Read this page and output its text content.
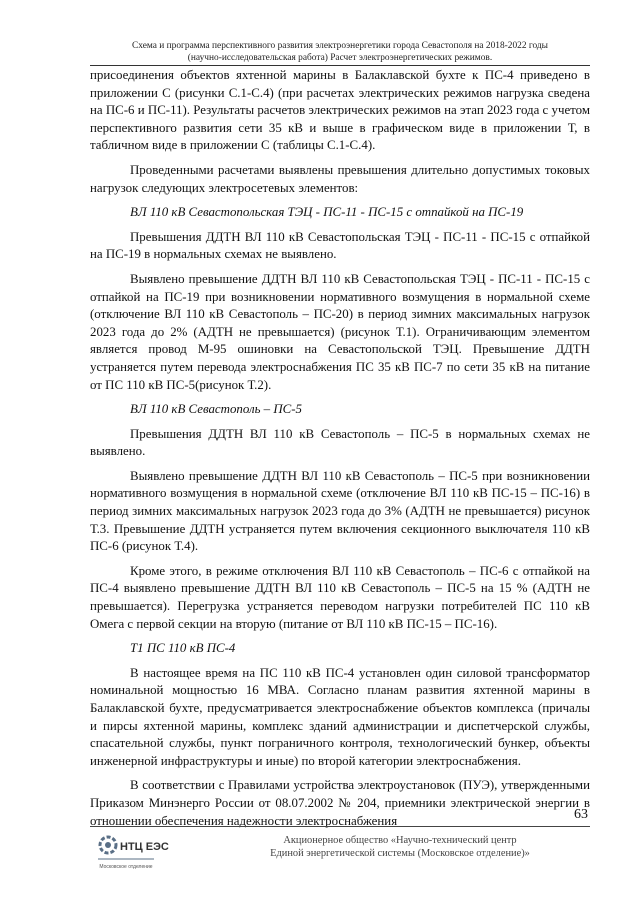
Схема и программа перспективного развития электроэнергетики города Севастополя на 2018-2022 годы
(научно-исследовательская работа) Расчет электроэнергетических режимов.

присоединения объектов яхтенной марины в Балаклавской бухте к ПС-4 приведено в приложении С (рисунки С.1-С.4) (при расчетах электрических режимов нагрузка сведена на ПС-6 и ПС-11). Результаты расчетов электрических режимов на этап 2023 года с учетом перспективного развития сети 35 кВ и выше в графическом виде в приложении Т, в табличном виде в приложении С (таблицы С.1-С.4).

Проведенными расчетами выявлены превышения длительно допустимых токовых нагрузок следующих электросетевых элементов:

ВЛ 110 кВ Севастопольская ТЭЦ - ПС-11 - ПС-15 с отпайкой на ПС-19

Превышения ДДТН ВЛ 110 кВ Севастопольская ТЭЦ - ПС-11 - ПС-15 с отпайкой на ПС-19 в нормальных схемах не выявлено.

Выявлено превышение ДДТН ВЛ 110 кВ Севастопольская ТЭЦ - ПС-11 - ПС-15 с отпайкой на ПС-19 при возникновении нормативного возмущения в нормальной схеме (отключение ВЛ 110 кВ Севастополь – ПС-20) в период зимних максимальных нагрузок 2023 года до 2% (АДТН не превышается) (рисунок Т.1). Ограничивающим элементом является провод М-95 ошиновки на Севастопольской ТЭЦ. Превышение ДДТН устраняется путем перевода электроснабжения ПС 35 кВ ПС-7 по сети 35 кВ на питание от ПС 110 кВ ПС-5(рисунок Т.2).

ВЛ 110 кВ Севастополь – ПС-5

Превышения ДДТН ВЛ 110 кВ Севастополь – ПС-5 в нормальных схемах не выявлено.

Выявлено превышение ДДТН ВЛ 110 кВ Севастополь – ПС-5 при возникновении нормативного возмущения в нормальной схеме (отключение ВЛ 110 кВ ПС-15 – ПС-16) в период зимних максимальных нагрузок 2023 года до 3% (АДТН не превышается) рисунок Т.3. Превышение ДДТН устраняется путем включения секционного выключателя 110 кВ ПС-6 (рисунок Т.4).

Кроме этого, в режиме отключения ВЛ 110 кВ Севастополь – ПС-6 с отпайкой на ПС-4 выявлено превышение ДДТН ВЛ 110 кВ Севастополь – ПС-5 на 15 % (АДТН не превышается). Перегрузка устраняется переводом нагрузки потребителей ПС 110 кВ Омега с первой секции на вторую (питание от ВЛ 110 кВ ПС-15 – ПС-16).

Т1 ПС 110 кВ ПС-4

В настоящее время на ПС 110 кВ ПС-4 установлен один силовой трансформатор номинальной мощностью 16 МВА. Согласно планам развития яхтенной марины в Балаклавской бухте, предусматривается электроснабжение объектов комплекса (причалы и пирсы яхтенной марины, комплекс зданий администрации и диспетчерской службы, спасательной службы, пункт пограничного контроля, технологический бункер, объекты инженерной инфраструктуры и иные) по второй категории электроснабжения.

В соответствии с Правилами устройства электроустановок (ПУЭ), утвержденными Приказом Минэнерго России от 08.07.2002 № 204, приемники электрической энергии в отношении обеспечения надежности электроснабжения	63
НТЦ ЕЭС
Московское отделение
Акционерное общество «Научно-технический центр
Единой энергетической системы (Московское отделение)»
